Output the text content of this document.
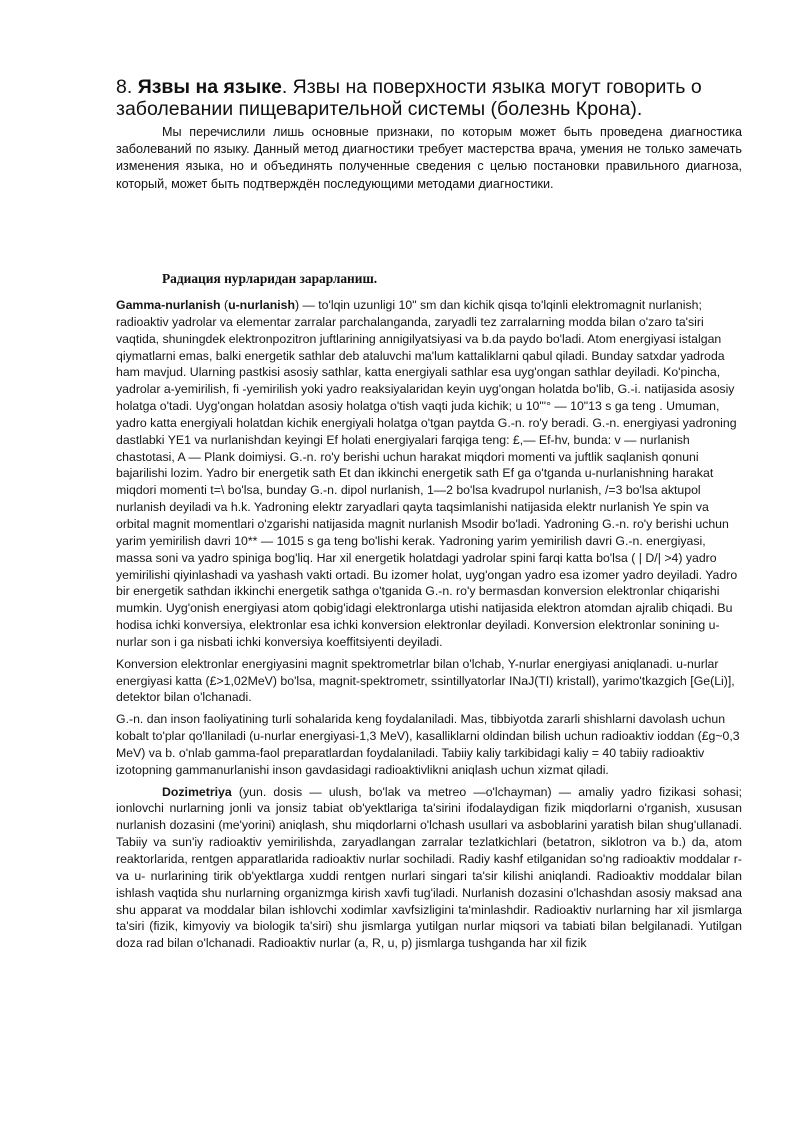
8. Язвы на языке. Язвы на поверхности языка могут говорить о заболевании пищеварительной системы (болезнь Крона).

Мы перечислили лишь основные признаки, по которым может быть проведена диагностика заболеваний по языку. Данный метод диагностики требует мастерства врача, умения не только замечать изменения языка, но и объединять полученные сведения с целью постановки правильного диагноза, который, может быть подтверждён последующими методами диагностики.

Радиация нурларидан зарарланиш.

Gamma-nurlanish (u-nurlanish) — to'lqin uzunligi 10" sm dan kichik qisqa to'lqinli elektromagnit nurlanish; radioaktiv yadrolar va elementar zarralar parchalanganda, zaryadli tez zarralarning modda bilan o'zaro ta'siri vaqtida, shuningdek elektronpozitron juftlarining annigilyatsiyasi va b.da paydo bo'ladi. Atom energiyasi istalgan qiymatlarni emas, balki energetik sathlar deb ataluvchi ma'lum kattaliklarni qabul qiladi. Bunday satxdar yadroda ham mavjud. Ularning pastkisi asosiy sathlar, katta energiyali sathlar esa uyg'ongan sathlar deyiladi. Ko'pincha, yadrolar a-yemirilish, fi -yemirilish yoki yadro reaksiyalaridan keyin uyg'ongan holatda bo'lib, G.-i. natijasida asosiy holatga o'tadi. Uyg'ongan holatdan asosiy holatga o'tish vaqti juda kichik; u 10"'° — 10"13 s ga teng . Umuman, yadro katta energiyali holatdan kichik energiyali holatga o'tgan paytda G.-n. ro'y beradi. G.-n. energiyasi yadroning dastlabki YE1 va nurlanishdan keyingi Ef holati energiyalari farqiga teng: £,— Ef-hv, bunda: v — nurlanish chastotasi, A — Plank doimiysi. G.-n. ro'y berishi uchun harakat miqdori momenti va juftlik saqlanish qonuni bajarilishi lozim. Yadro bir energetik sath Et dan ikkinchi energetik sath Ef ga o'tganda u-nurlanishning harakat miqdori momenti t=\ bo'lsa, bunday G.-n. dipol nurlanish, 1—2 bo'lsa kvadrupol nurlanish, /=3 bo'lsa aktupol nurlanish deyiladi va h.k. Yadroning elektr zaryadlari qayta taqsimlanishi natijasida elektr nurlanish Ye spin va orbital magnit momentlari o'zgarishi natijasida magnit nurlanish Msodir bo'ladi. Yadroning G.-n. ro'y berishi uchun yarim yemirilish davri 10** — 1015 s ga teng bo'lishi kerak. Yadroning yarim yemirilish davri G.-n. energiyasi, massa soni va yadro spiniga bog'liq. Har xil energetik holatdagi yadrolar spini farqi katta bo'lsa ( | D/| >4) yadro yemirilishi qiyinlashadi va yashash vakti ortadi. Bu izomer holat, uyg'ongan yadro esa izomer yadro deyiladi. Yadro bir energetik sathdan ikkinchi energetik sathga o'tganida G.-n. ro'y bermasdan konversion elektronlar chiqarishi mumkin. Uyg'onish energiyasi atom qobig'idagi elektronlarga utishi natijasida elektron atomdan ajralib chiqadi. Bu hodisa ichki konversiya, elektronlar esa ichki konversion elektronlar deyiladi. Konversion elektronlar sonining u-nurlar son i ga nisbati ichki konversiya koeffitsiyenti deyiladi.

Konversion elektronlar energiyasini magnit spektrometrlar bilan o'lchab, Y-nurlar energiyasi aniqlanadi. u-nurlar energiyasi katta (£>1,02MeV) bo'lsa, magnit-spektrometr, ssintillyatorlar INaJ(TI) kristall), yarimo'tkazgich [Ge(Li)], detektor bilan o'lchanadi.

G.-n. dan inson faoliyatining turli sohalarida keng foydalaniladi. Mas, tibbiyotda zararli shishlarni davolash uchun kobalt to'plar qo'llaniladi (u-nurlar energiyasi-1,3 MeV), kasalliklarni oldindan bilish uchun radioaktiv ioddan (£g~0,3 MeV) va b. o'nlab gamma-faol preparatlardan foydalaniladi. Tabiiy kaliy tarkibidagi kaliy = 40 tabiiy radioaktiv izotopning gammanurlanishi inson gavdasidagi radioaktivlikni aniqlash uchun xizmat qiladi.

Dozimetriya (yun. dosis — ulush, bo'lak va metreo —o'lchayman) — amaliy yadro fizikasi sohasi; ionlovchi nurlarning jonli va jonsiz tabiat ob'yektlariga ta'sirini ifodalaydigan fizik miqdorlarni o'rganish, xususan nurlanish dozasini (me'yorini) aniqlash, shu miqdorlarni o'lchash usullari va asboblarini yaratish bilan shug'ullanadi. Tabiiy va sun'iy radioaktiv yemirilishda, zaryadlangan zarralar tezlatkichlari (betatron, siklotron va b.) da, atom reaktorlarida, rentgen apparatlarida radioaktiv nurlar sochiladi. Radiy kashf etilganidan so'ng radioaktiv moddalar r- va u- nurlarining tirik ob'yektlarga xuddi rentgen nurlari singari ta'sir kilishi aniqlandi. Radioaktiv moddalar bilan ishlash vaqtida shu nurlarning organizmga kirish xavfi tug'iladi. Nurlanish dozasini o'lchashdan asosiy maksad ana shu apparat va moddalar bilan ishlovchi xodimlar xavfsizligini ta'minlashdir. Radioaktiv nurlarning har xil jismlarga ta'siri (fizik, kimyoviy va biologik ta'siri) shu jismlarga yutilgan nurlar miqsori va tabiati bilan belgilanadi. Yutilgan doza rad bilan o'lchanadi. Radioaktiv nurlar (a, R, u, p) jismlarga tushganda har xil fizik
